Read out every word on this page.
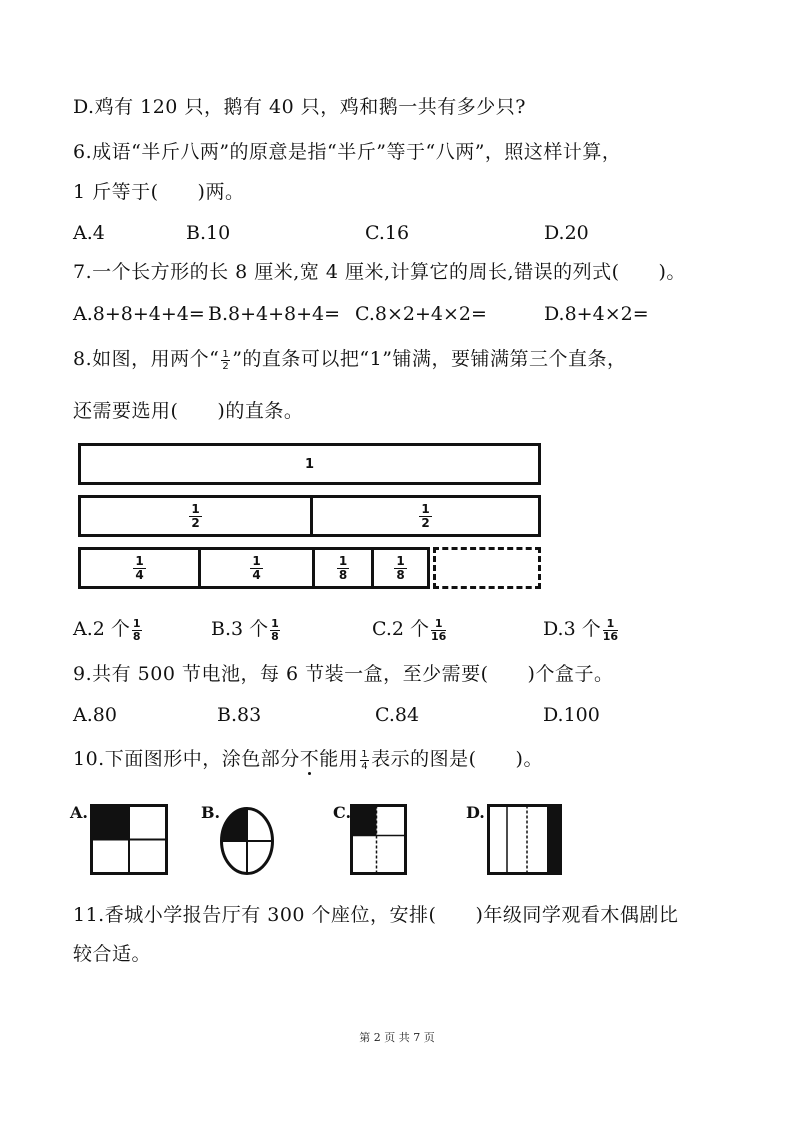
D.鸡有 120 只，鹅有 40 只，鸡和鹅一共有多少只?
6.成语“半斤八两”的原意是指“半斤”等于“八两”，照这样计算，
1 斤等于(　　)两。
A.4	B.10	C.16	D.20
7.一个长方形的长 8 厘米,宽 4 厘米,计算它的周长,错误的列式(　　)。
A.8+8+4+4= B.8+4+8+4= C.8×2+4×2=	D.8+4×2=
8.如图，用两个“ $\frac{1}{2}$ ”的直条可以把“1”铺满，要铺满第三个直条，
还需要选用(　　)的直条。
1
$\frac{1}{2}$	$\frac{1}{2}$
$\frac{1}{4}$	$\frac{1}{4}$	$\frac{1}{8}$	$\frac{1}{8}$
A.2 个 $\frac{1}{8}$	B.3 个 $\frac{1}{8}$	C.2 个 $\frac{1}{16}$	D.3 个 $\frac{1}{16}$
9.共有 500 节电池，每 6 节装一盒，至少需要(　　)个盒子。
A.80	B.83	C.84	D.100
10.下面图形中，涂色部分不能用 $\frac{1}{4}$ 表示的图是(　　)。
A.	B.	C.	D.
11.香城小学报告厅有 300 个座位，安排(　　)年级同学观看木偶剧比
较合适。
第 2 页 共 7 页
